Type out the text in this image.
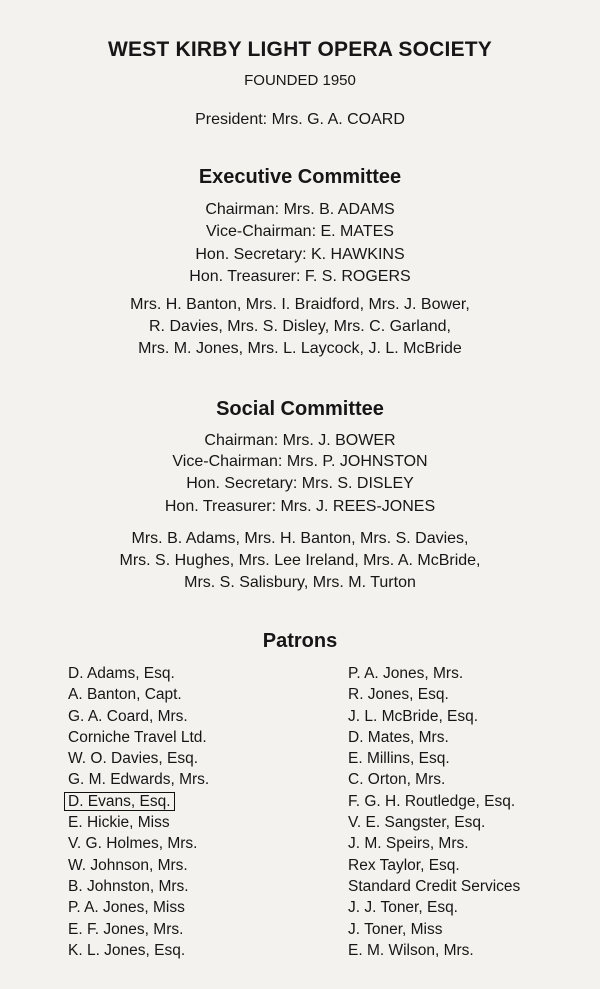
WEST KIRBY LIGHT OPERA SOCIETY
FOUNDED 1950
President: Mrs. G. A. COARD
Executive Committee
Chairman: Mrs. B. ADAMS
Vice-Chairman: E. MATES
Hon. Secretary: K. HAWKINS
Hon. Treasurer: F. S. ROGERS
Mrs. H. Banton, Mrs. I. Braidford, Mrs. J. Bower,
R. Davies, Mrs. S. Disley, Mrs. C. Garland,
Mrs. M. Jones, Mrs. L. Laycock, J. L. McBride
Social Committee
Chairman: Mrs. J. BOWER
Vice-Chairman: Mrs. P. JOHNSTON
Hon. Secretary: Mrs. S. DISLEY
Hon. Treasurer: Mrs. J. REES-JONES
Mrs. B. Adams, Mrs. H. Banton, Mrs. S. Davies,
Mrs. S. Hughes, Mrs. Lee Ireland, Mrs. A. McBride,
Mrs. S. Salisbury, Mrs. M. Turton
Patrons
D. Adams, Esq.
A. Banton, Capt.
G. A. Coard, Mrs.
Corniche Travel Ltd.
W. O. Davies, Esq.
G. M. Edwards, Mrs.
D. Evans, Esq.
E. Hickie, Miss
V. G. Holmes, Mrs.
W. Johnson, Mrs.
B. Johnston, Mrs.
P. A. Jones, Miss
E. F. Jones, Mrs.
K. L. Jones, Esq.
P. A. Jones, Mrs.
R. Jones, Esq.
J. L. McBride, Esq.
D. Mates, Mrs.
E. Millins, Esq.
C. Orton, Mrs.
F. G. H. Routledge, Esq.
V. E. Sangster, Esq.
J. M. Speirs, Mrs.
Rex Taylor, Esq.
Standard Credit Services
J. J. Toner, Esq.
J. Toner, Miss
E. M. Wilson, Mrs.
